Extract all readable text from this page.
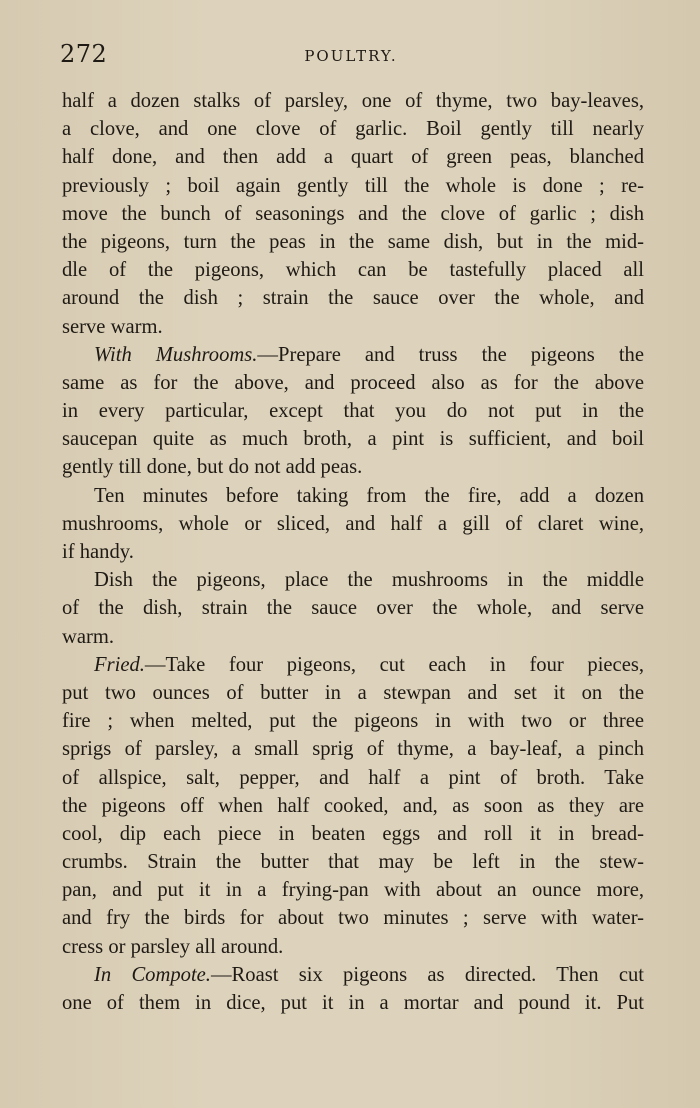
272	POULTRY.
half a dozen stalks of parsley, one of thyme, two bay-leaves,
a clove, and one clove of garlic. Boil gently till nearly
half done, and then add a quart of green peas, blanched
previously ; boil again gently till the whole is done ; re-
move the bunch of seasonings and the clove of garlic ; dish
the pigeons, turn the peas in the same dish, but in the mid-
dle of the pigeons, which can be tastefully placed all
around the dish ; strain the sauce over the whole, and
serve warm.
With Mushrooms.—Prepare and truss the pigeons the
same as for the above, and proceed also as for the above
in every particular, except that you do not put in the
saucepan quite as much broth, a pint is sufficient, and boil
gently till done, but do not add peas.
Ten minutes before taking from the fire, add a dozen
mushrooms, whole or sliced, and half a gill of claret wine,
if handy.
Dish the pigeons, place the mushrooms in the middle
of the dish, strain the sauce over the whole, and serve
warm.
Fried.—Take four pigeons, cut each in four pieces,
put two ounces of butter in a stewpan and set it on the
fire ; when melted, put the pigeons in with two or three
sprigs of parsley, a small sprig of thyme, a bay-leaf, a pinch
of allspice, salt, pepper, and half a pint of broth. Take
the pigeons off when half cooked, and, as soon as they are
cool, dip each piece in beaten eggs and roll it in bread-
crumbs. Strain the butter that may be left in the stew-
pan, and put it in a frying-pan with about an ounce more,
and fry the birds for about two minutes ; serve with water-
cress or parsley all around.
In Compote.—Roast six pigeons as directed. Then cut
one of them in dice, put it in a mortar and pound it. Put
